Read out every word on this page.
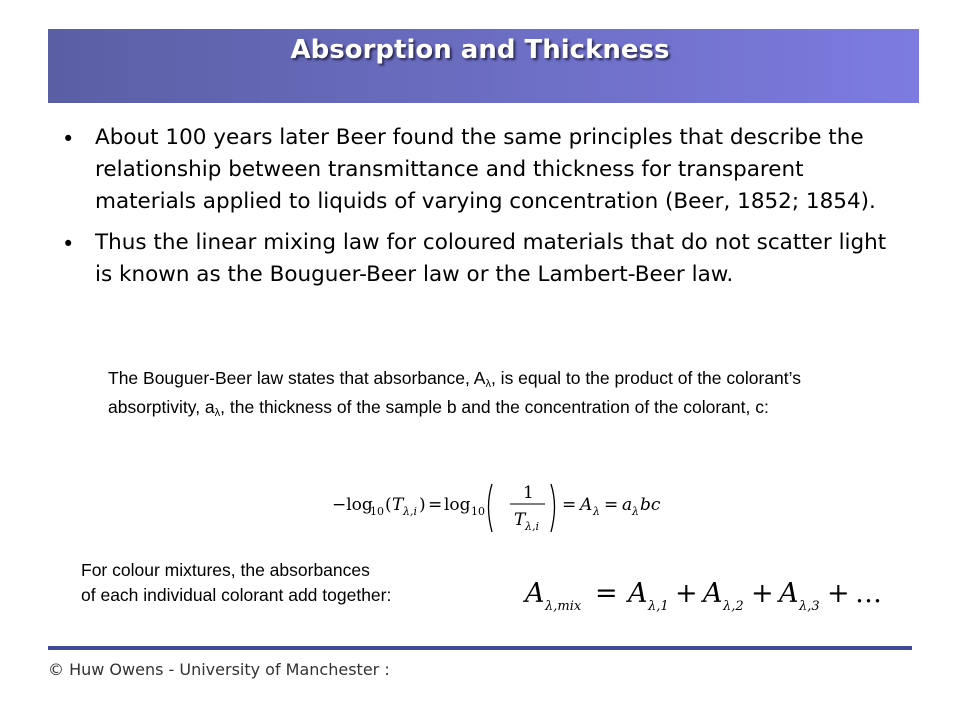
Absorption and Thickness
• About 100 years later Beer found the same principles that describe the relationship between transmittance and thickness for transparent materials applied to liquids of varying concentration (Beer, 1852; 1854).
• Thus the linear mixing law for coloured materials that do not scatter light is known as the Bouguer-Beer law or the Lambert-Beer law.
The Bouguer-Beer law states that absorbance, $A_\lambda$, is equal to the product of the colorant’s absorptivity, $a_\lambda$, the thickness of the sample b and the concentration of the colorant, c:
−log
10 ( T λ,i ) = log 10
1
T λ,i
= A λ = a λ bc
For colour mixtures, the absorbances
of each individual colorant add together:	A λ,mix = A λ,1 + A λ,2 + A λ,3 + …
© Huw Owens - University of Manchester :
